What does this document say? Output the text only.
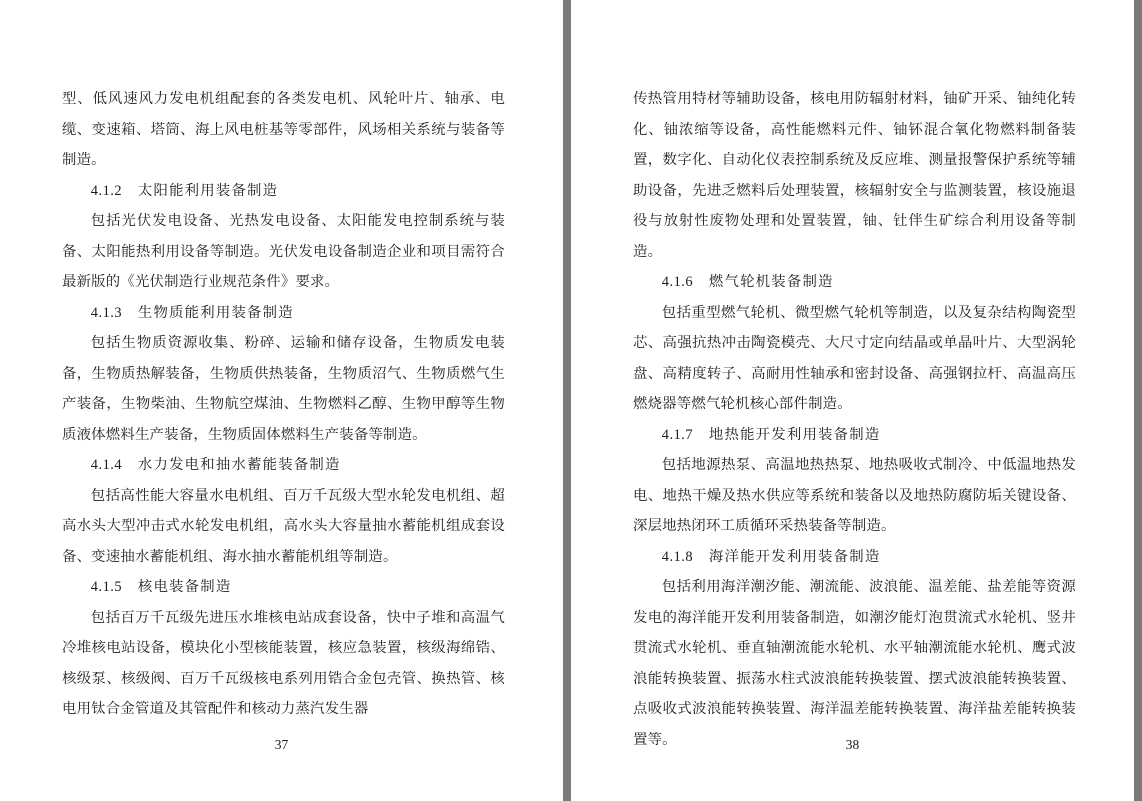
型、低风速风力发电机组配套的各类发电机、风轮叶片、轴承、电缆、变速箱、塔筒、海上风电桩基等零部件，风场相关系统与装备等制造。

4.1.2 太阳能利用装备制造

包括光伏发电设备、光热发电设备、太阳能发电控制系统与装备、太阳能热利用设备等制造。光伏发电设备制造企业和项目需符合最新版的《光伏制造行业规范条件》要求。

4.1.3 生物质能利用装备制造

包括生物质资源收集、粉碎、运输和储存设备，生物质发电装备，生物质热解装备，生物质供热装备，生物质沼气、生物质燃气生产装备，生物柴油、生物航空煤油、生物燃料乙醇、生物甲醇等生物质液体燃料生产装备，生物质固体燃料生产装备等制造。

4.1.4 水力发电和抽水蓄能装备制造

包括高性能大容量水电机组、百万千瓦级大型水轮发电机组、超高水头大型冲击式水轮发电机组，高水头大容量抽水蓄能机组成套设备、变速抽水蓄能机组、海水抽水蓄能机组等制造。

4.1.5 核电装备制造

包括百万千瓦级先进压水堆核电站成套设备，快中子堆和高温气冷堆核电站设备，模块化小型核能装置，核应急装置，核级海绵锆、核级泵、核级阀、百万千瓦级核电系列用锆合金包壳管、换热管、核电用钛合金管道及其管配件和核动力蒸汽发生器

37

传热管用特材等辅助设备，核电用防辐射材料，铀矿开采、铀纯化转化、铀浓缩等设备，高性能燃料元件、铀钚混合氧化物燃料制备装置，数字化、自动化仪表控制系统及反应堆、测量报警保护系统等辅助设备，先进乏燃料后处理装置，核辐射安全与监测装置，核设施退役与放射性废物处理和处置装置，铀、钍伴生矿综合利用设备等制造。

4.1.6 燃气轮机装备制造

包括重型燃气轮机、微型燃气轮机等制造，以及复杂结构陶瓷型芯、高强抗热冲击陶瓷模壳、大尺寸定向结晶或单晶叶片、大型涡轮盘、高精度转子、高耐用性轴承和密封设备、高强钢拉杆、高温高压燃烧器等燃气轮机核心部件制造。

4.1.7 地热能开发利用装备制造

包括地源热泵、高温地热热泵、地热吸收式制冷、中低温地热发电、地热干燥及热水供应等系统和装备以及地热防腐防垢关键设备、深层地热闭环工质循环采热装备等制造。

4.1.8 海洋能开发利用装备制造

包括利用海洋潮汐能、潮流能、波浪能、温差能、盐差能等资源发电的海洋能开发利用装备制造，如潮汐能灯泡贯流式水轮机、竖井贯流式水轮机、垂直轴潮流能水轮机、水平轴潮流能水轮机、鹰式波浪能转换装置、振荡水柱式波浪能转换装置、摆式波浪能转换装置、点吸收式波浪能转换装置、海洋温差能转换装置、海洋盐差能转换装置等。	38
